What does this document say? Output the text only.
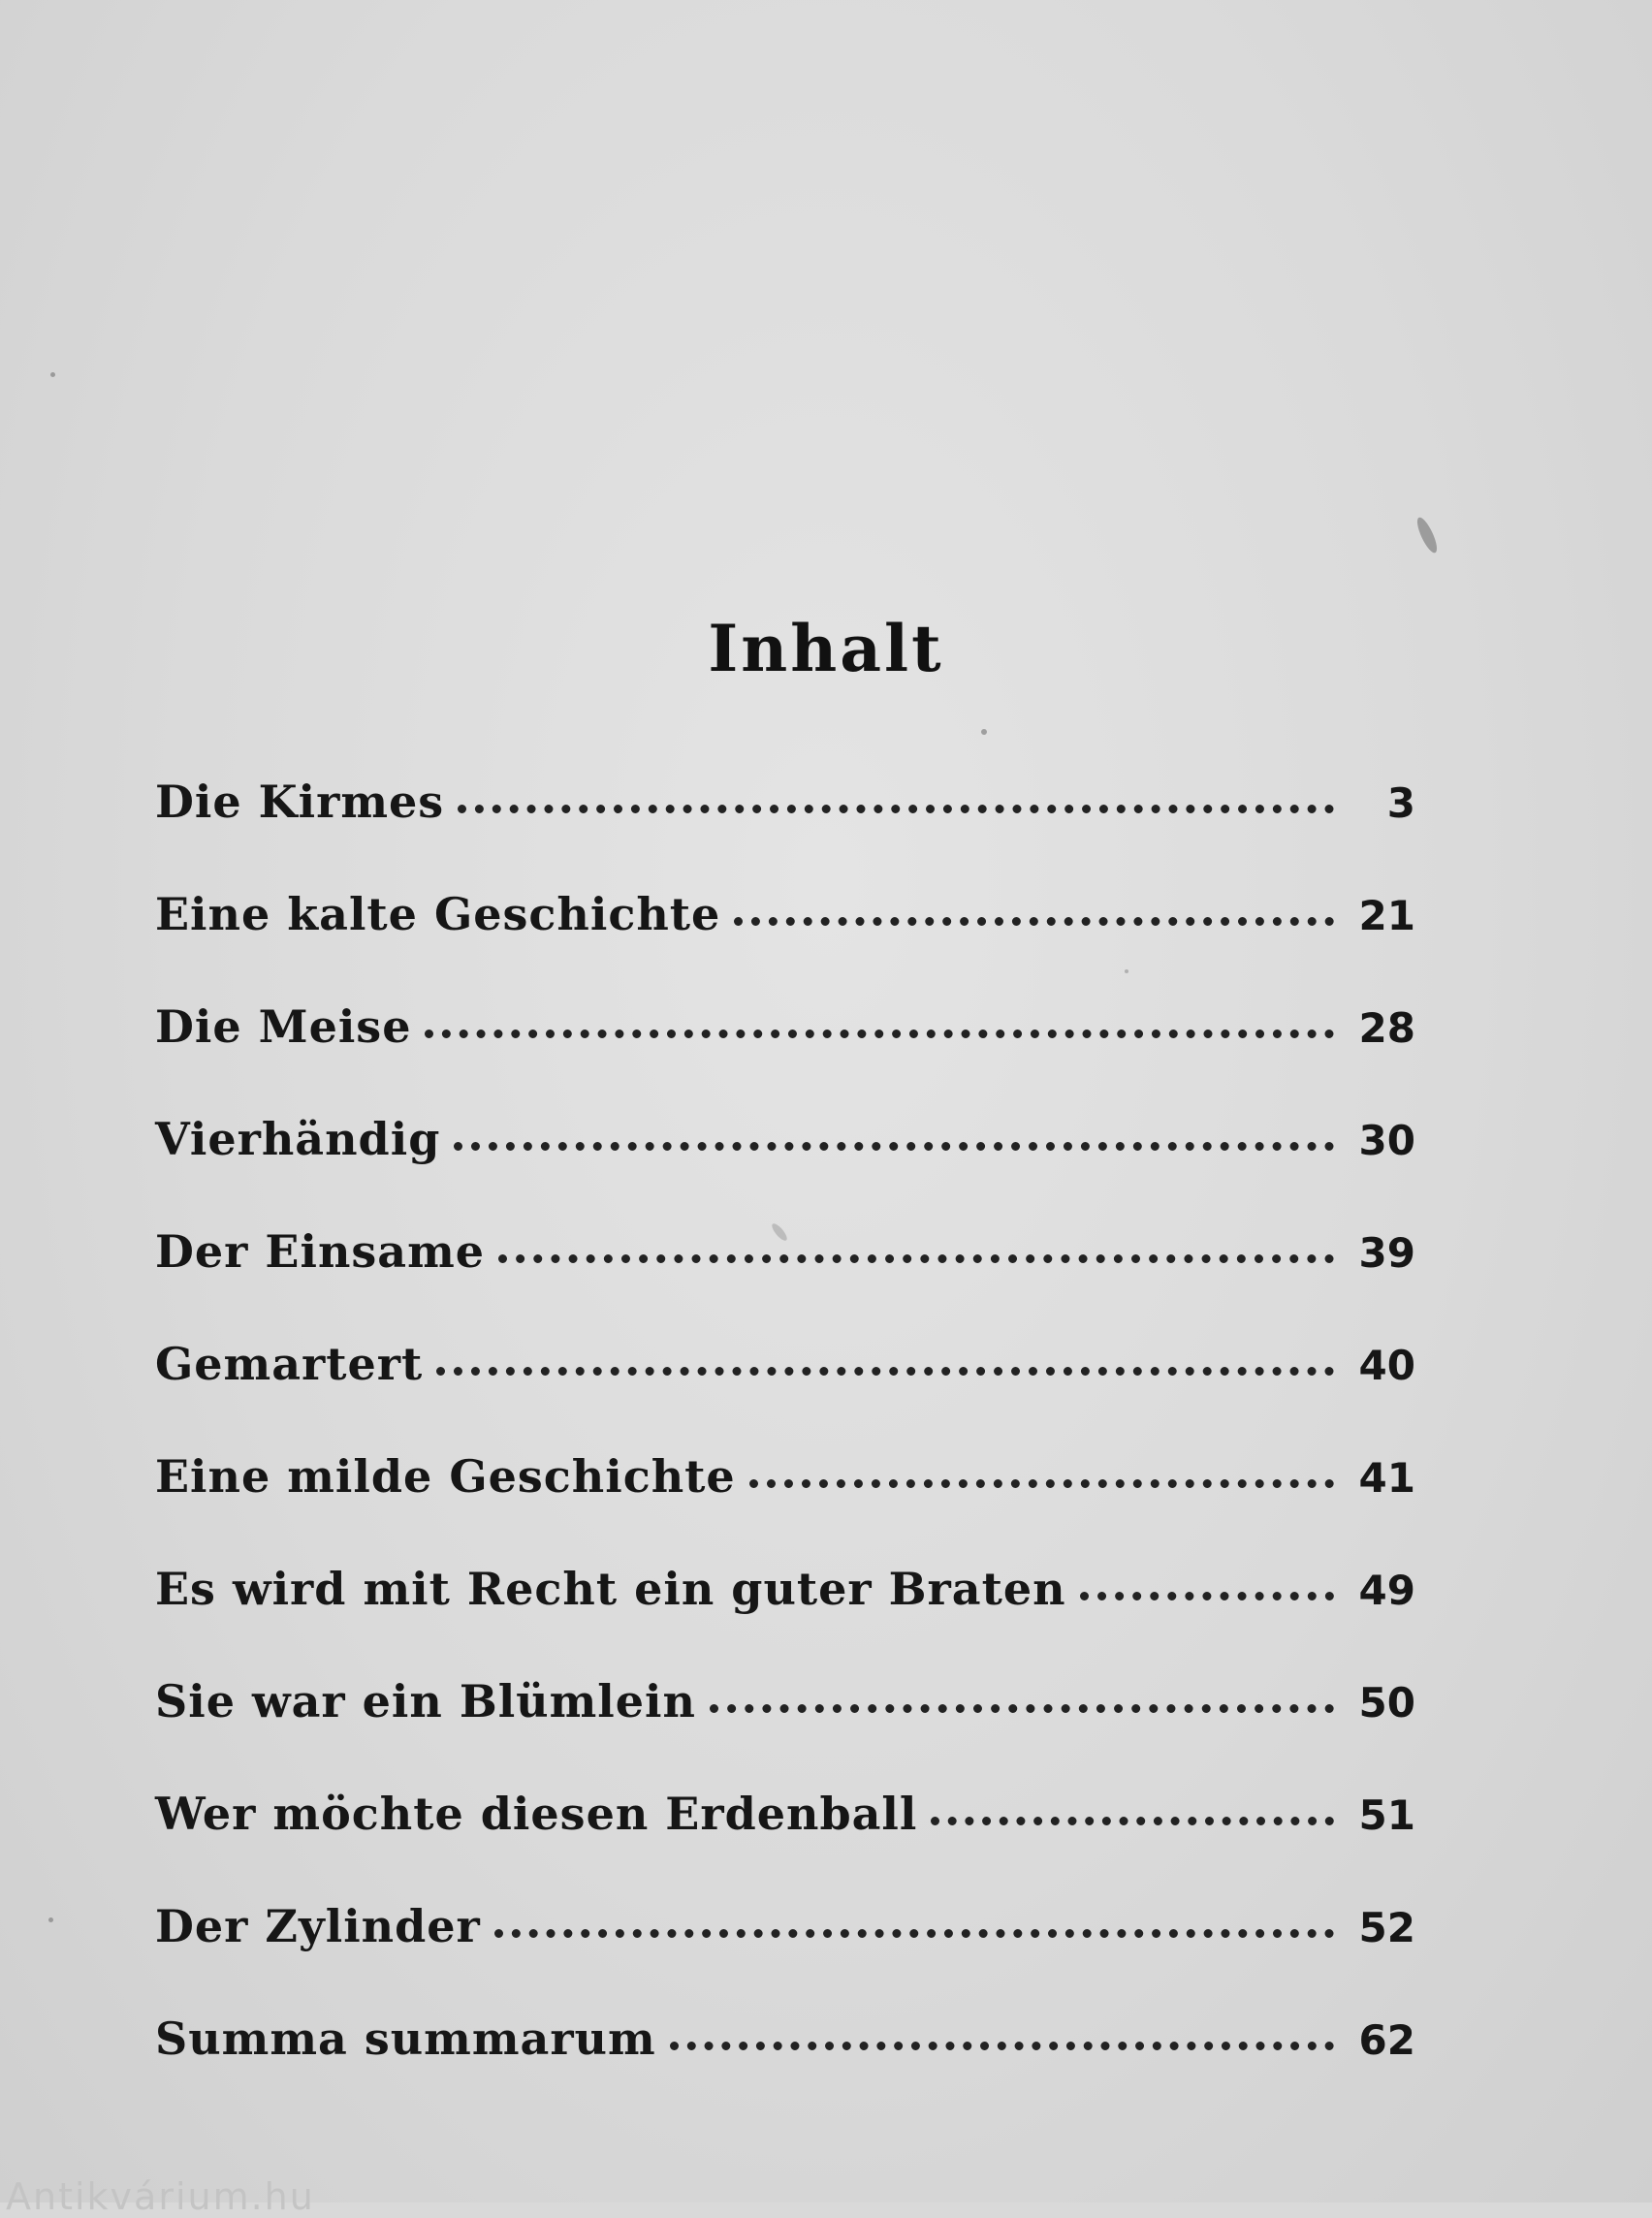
Inhalt
Die Kirmes	3
Eine kalte Geschichte	21
Die Meise	28
Vierhändig	30
Der Einsame	39
Gemartert	40
Eine milde Geschichte	41
Es wird mit Recht ein guter Braten	49
Sie war ein Blümlein	50
Wer möchte diesen Erdenball	51
Der Zylinder	52
Summa summarum	62
Antikvárium.hu
